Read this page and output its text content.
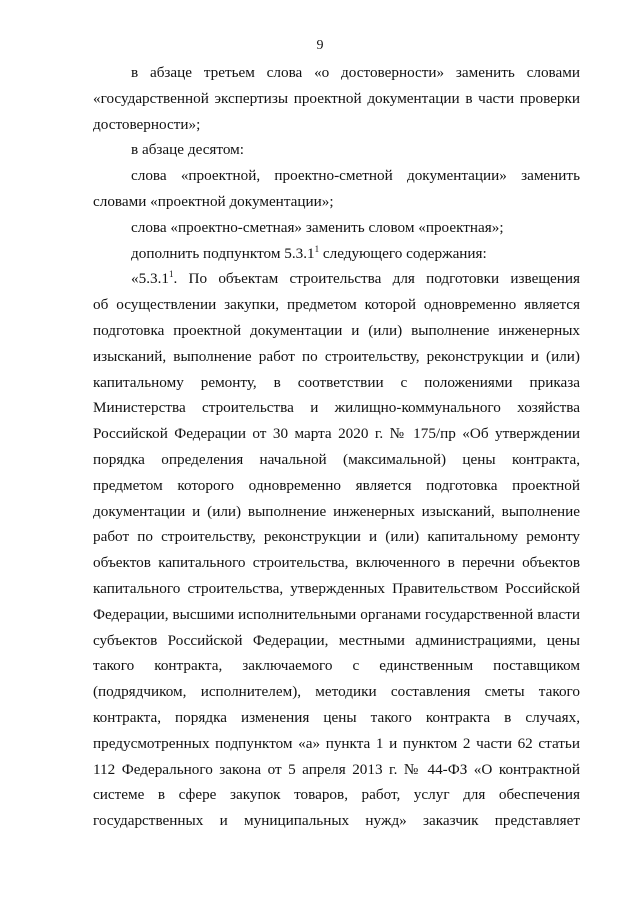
9
в абзаце третьем слова «о достоверности» заменить словами
«государственной экспертизы проектной документации в части проверки
достоверности»;
в абзаце десятом:
слова «проектной, проектно-сметной документации» заменить
словами «проектной документации»;
слова «проектно-сметная» заменить словом «проектная»;
дополнить подпунктом 5.3.1$^1$ следующего содержания:
«5.3.1$^1$. По объектам строительства для подготовки извещения
об осуществлении закупки, предметом которой одновременно является
подготовка проектной документации и (или) выполнение инженерных
изысканий, выполнение работ по строительству, реконструкции и (или)
капитальному ремонту, в соответствии с положениями приказа
Министерства строительства и жилищно-коммунального хозяйства
Российской Федерации от 30 марта 2020 г. № 175/пр «Об утверждении
порядка определения начальной (максимальной) цены контракта,
предметом которого одновременно является подготовка проектной
документации и (или) выполнение инженерных изысканий, выполнение
работ по строительству, реконструкции и (или) капитальному ремонту
объектов капитального строительства, включенного в перечни объектов
капитального строительства, утвержденных Правительством Российской
Федерации, высшими исполнительными органами государственной власти
субъектов Российской Федерации, местными администрациями, цены
такого контракта, заключаемого с единственным поставщиком
(подрядчиком, исполнителем), методики составления сметы такого
контракта, порядка изменения цены такого контракта в случаях,
предусмотренных подпунктом «а» пункта 1 и пунктом 2 части 62 статьи
112 Федерального закона от 5 апреля 2013 г. № 44-ФЗ «О контрактной
системе в сфере закупок товаров, работ, услуг для обеспечения
государственных и муниципальных нужд» заказчик представляет
